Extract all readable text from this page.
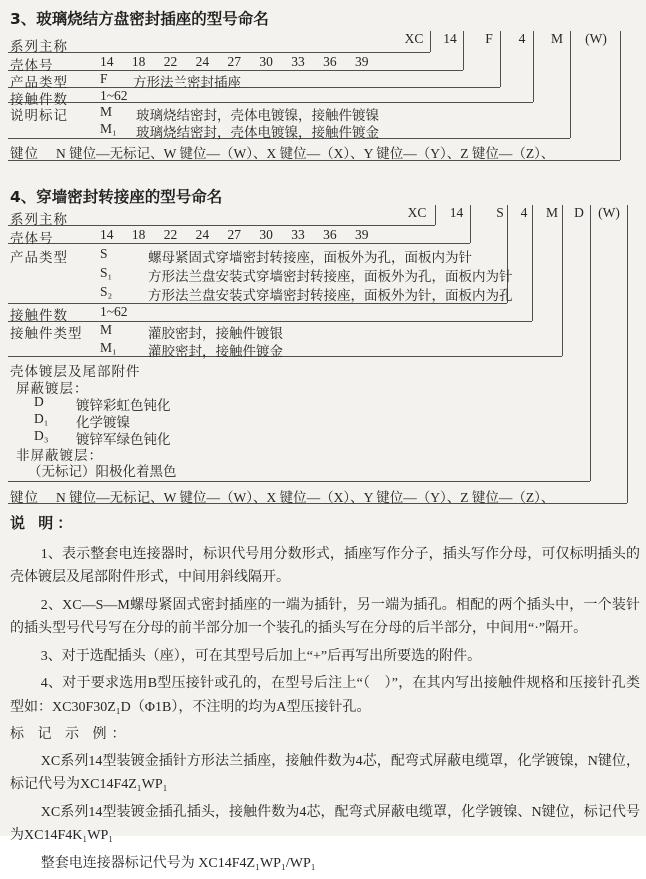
3、玻璃烧结方盘密封插座的型号命名
XC	14	F	4	M	(W)
系列主称
壳体号	14 18 22 24 27 30 33 36 39
产品类型 F 方形法兰密封插座
接触件数 1~62
说明标记 M 玻璃烧结密封，壳体电镀镍，接触件镀镍
M₁ 玻璃烧结密封，壳体电镀镍，接触件镀金
键位 N 键位—无标记、W 键位—（W）、X 键位—（X）、Y 键位—（Y）、Z 键位—（Z）、
4、穿墙密封转接座的型号命名
XC	14	S	4	M	D	(W)
系列主称
壳体号	14 18 22 24 27 30 33 36 39
产品类型 S	螺母紧固式穿墙密封转接座，面板外为孔，面板内为针
S₁	方形法兰盘安装式穿墙密封转接座，面板外为孔，面板内为针
S₂	方形法兰盘安装式穿墙密封转接座，面板外为针，面板内为孔
接触件数 1~62
接触件类型 M	灌胶密封，接触件镀银
M₁ 灌胶密封，接触件镀金
壳体镀层及尾部附件
屏蔽镀层：
D 镀锌彩虹色钝化
D₁ 化学镀镍
D₃ 镀锌军绿色钝化
非屏蔽镀层：
（无标记）阳极化着黑色
键位 N 键位—无标记、W 键位—（W）、X 键位—（X）、Y 键位—（Y）、Z 键位—（Z）、

说 明：

1、表示整套电连接器时，标识代号用分数形式，插座写作分子，插头写作分母，可仅标明插头的壳体镀层及尾部附件形式，中间用斜线隔开。

2、XC—S—M螺母紧固式密封插座的一端为插针，另一端为插孔。相配的两个插头中，一个装针的插头型号代号写在分母的前半部分加一个装孔的插头写在分母的后半部分，中间用“·”隔开。

3、对于选配插头（座），可在其型号后加上“+”后再写出所要选的附件。

4、对于要求选用B型压接针或孔的，在型号后注上“（　）”，在其内写出接触件规格和压接针孔类型如：XC30F30Z₁D（Φ1B），不注明的均为A型压接针孔。

标 记 示 例：

XC系列14型装镀金插针方形法兰插座，接触件数为4芯，配弯式屏蔽电缆罩，化学镀镍，N键位，标记代号为XC14F4Z₁WP₁

XC系列14型装镀金插孔插头，接触件数为4芯，配弯式屏蔽电缆罩，化学镀镍、N键位，标记代号为XC14F4K₁WP₁

整套电连接器标记代号为 XC14F4Z₁WP₁/WP₁
